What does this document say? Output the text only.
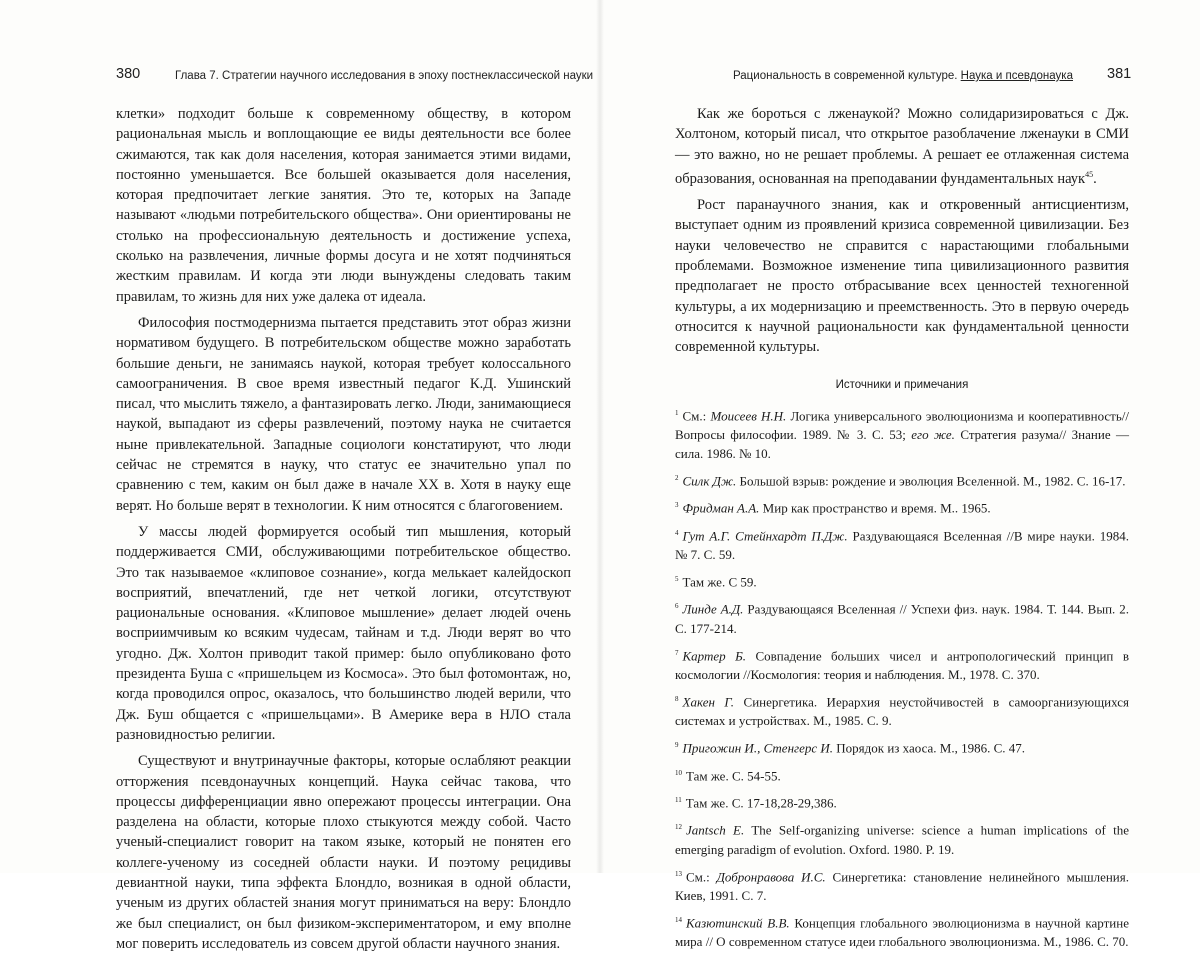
380	Глава 7. Стратегии научного исследования в эпоху постнеклассической науки

клетки» подходит больше к современному обществу, в котором рациональная мысль и воплощающие ее виды деятельности все более сжимаются, так как доля населения, которая занимается этими видами, постоянно уменьшается. Все большей оказывается доля населения, которая предпочитает легкие занятия. Это те, которых на Западе называют «людьми потребительского общества». Они ориентированы не столько на профессиональную деятельность и достижение успеха, сколько на развлечения, личные формы досуга и не хотят подчиняться жестким правилам. И когда эти люди вынуждены следовать таким правилам, то жизнь для них уже далека от идеала.

Философия постмодернизма пытается представить этот образ жизни нормативом будущего. В потребительском обществе можно заработать большие деньги, не занимаясь наукой, которая требует колоссального самоограничения. В свое время известный педагог К.Д. Ушинский писал, что мыслить тяжело, а фантазировать легко. Люди, занимающиеся наукой, выпадают из сферы развлечений, поэтому наука не считается ныне привлекательной. Западные социологи констатируют, что люди сейчас не стремятся в науку, что статус ее значительно упал по сравнению с тем, каким он был даже в начале XX в. Хотя в науку еще верят. Но больше верят в технологии. К ним относятся с благоговением.

У массы людей формируется особый тип мышления, который поддерживается СМИ, обслуживающими потребительское общество. Это так называемое «клиповое сознание», когда мелькает калейдоскоп восприятий, впечатлений, где нет четкой логики, отсутствуют рациональные основания. «Клиповое мышление» делает людей очень восприимчивым ко всяким чудесам, тайнам и т.д. Люди верят во что угодно. Дж. Холтон приводит такой пример: было опубликовано фото президента Буша с «пришельцем из Космоса». Это был фотомонтаж, но, когда проводился опрос, оказалось, что большинство людей верили, что Дж. Буш общается с «пришельцами». В Америке вера в НЛО стала разновидностью религии.

Существуют и внутринаучные факторы, которые ослабляют реакции отторжения псевдонаучных концепций. Наука сейчас такова, что процессы дифференциации явно опережают процессы интеграции. Она разделена на области, которые плохо стыкуются между собой. Часто ученый-специалист говорит на таком языке, который не понятен его коллеге-ученому из соседней области науки. И поэтому рецидивы девиантной науки, типа эффекта Блондло, возникая в одной области, ученым из других областей знания могут приниматься на веру: Блондло же был специалист, он был физиком-экспериментатором, и ему вполне мог поверить исследователь из совсем другой области научного знания.

Рациональность в современной культуре. Наука и псевдонаука 381

Как же бороться с лженаукой? Можно солидаризироваться с Дж. Холтоном, который писал, что открытое разоблачение лженауки в СМИ — это важно, но не решает проблемы. А решает ее отлаженная система образования, основанная на преподавании фундаментальных наук$^{45}$.

Рост паранаучного знания, как и откровенный антисциентизм, выступает одним из проявлений кризиса современной цивилизации. Без науки человечество не справится с нарастающими глобальными проблемами. Возможное изменение типа цивилизационного развития предполагает не просто отбрасывание всех ценностей техногенной культуры, а их модернизацию и преемственность. Это в первую очередь относится к научной рациональности как фундаментальной ценности современной культуры.

Источники и примечания

$^1$ См.: Моисеев Н.Н. Логика универсального эволюционизма и кооперативность//Вопросы философии. 1989. № 3. С. 53; его же. Стратегия разума// Знание — сила. 1986. № 10.

$^2$ Силк Дж. Большой взрыв: рождение и эволюция Вселенной. М., 1982. С. 16-17.

$^3$ Фридман А.А. Мир как пространство и время. М.. 1965.

$^4$ Гут А.Г. Стейнхардт П.Дж. Раздувающаяся Вселенная //В мире науки. 1984. № 7. С. 59.

$^5$ Там же. С 59.

$^6$ Линде А.Д. Раздувающаяся Вселенная // Успехи физ. наук. 1984. Т. 144. Вып. 2. С. 177-214.

$^7$ Картер Б. Совпадение больших чисел и антропологический принцип в космологии //Космология: теория и наблюдения. М., 1978. С. 370.

$^8$ Хакен Г. Синергетика. Иерархия неустойчивостей в самоорганизующихся системах и устройствах. М., 1985. С. 9.

$^9$ Пригожин И., Стенгерс И. Порядок из хаоса. М., 1986. С. 47.

$^{10}$ Там же. С. 54-55.

$^{11}$ Там же. С. 17-18,28-29,386.

$^{12}$ Jantsch E. The Self-organizing universe: science a human implications of the emerging paradigm of evolution. Oxford. 1980. P. 19.

$^{13}$ См.: Добронравова И.С. Синергетика: становление нелинейного мышления. Киев, 1991. С. 7.

$^{14}$ Казютинский В.В. Концепция глобального эволюционизма в научной картине мира // О современном статусе идеи глобального эволюционизма. М., 1986. С. 70.
